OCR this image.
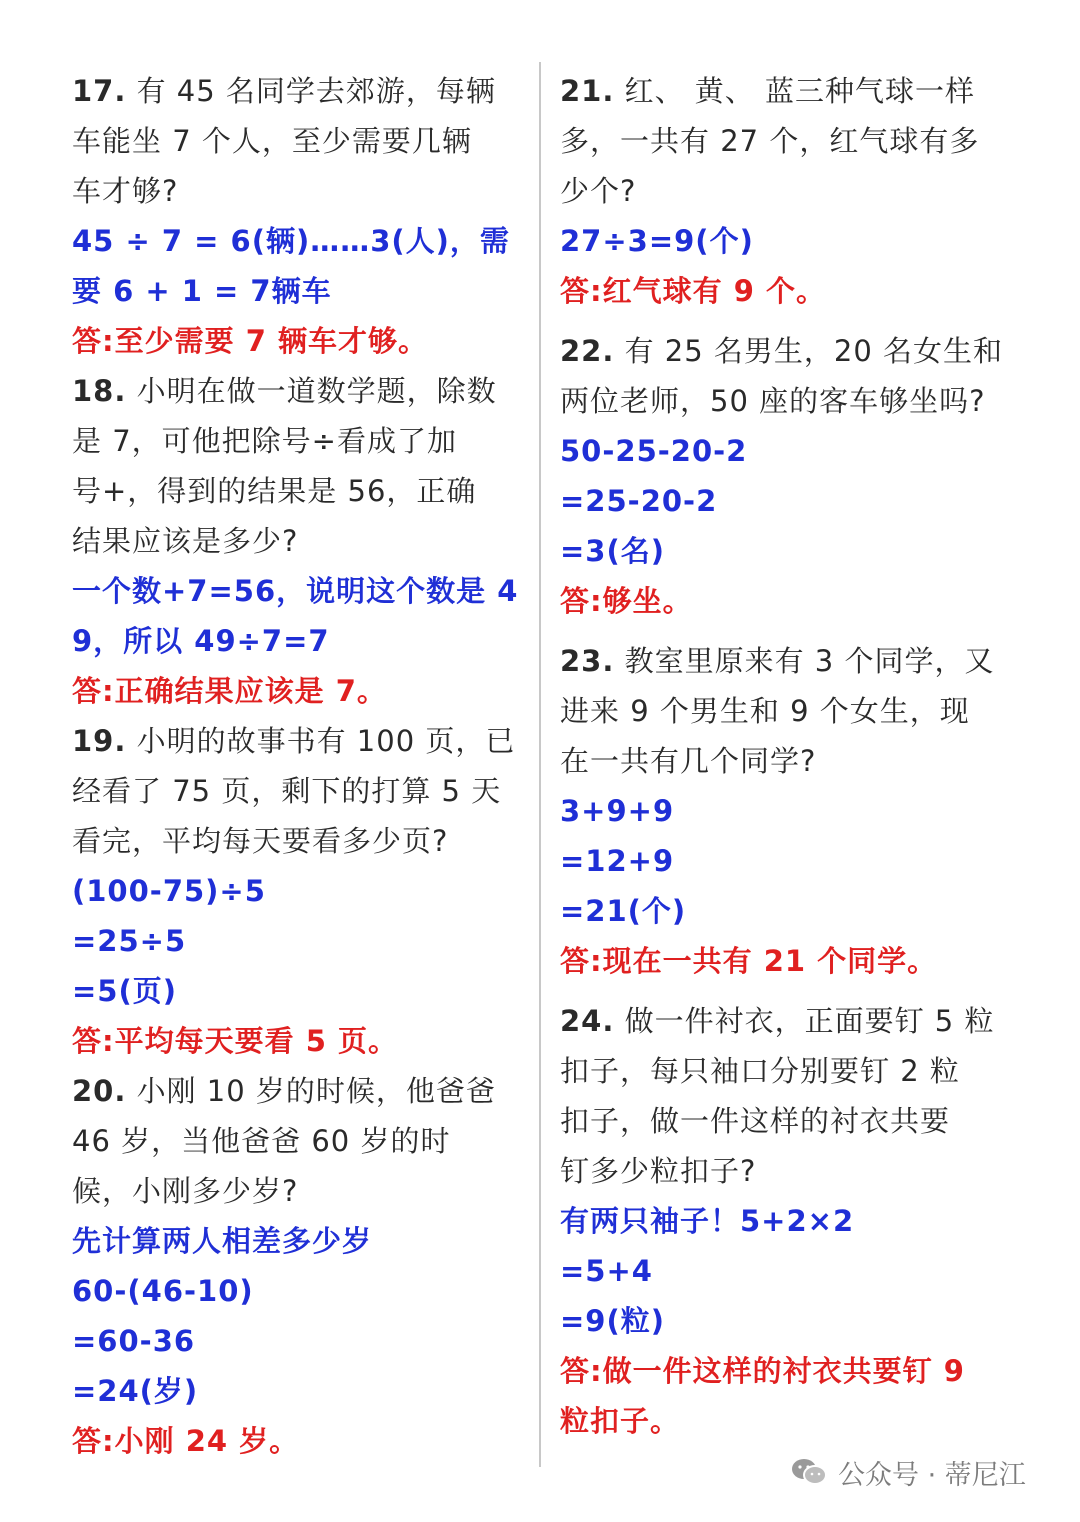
17. 有 45 名同学去郊游，每辆
车能坐 7 个人，至少需要几辆
车才够?
45 ÷ 7 = 6(辆)……3(人)，需
要 6 + 1 = 7辆车
答:至少需要 7 辆车才够。
18. 小明在做一道数学题，除数
是 7，可他把除号÷看成了加
号+，得到的结果是 56，正确
结果应该是多少?
一个数+7=56，说明这个数是 4
9，所以 49÷7=7
答:正确结果应该是 7。
19. 小明的故事书有 100 页，已
经看了 75 页，剩下的打算 5 天
看完，平均每天要看多少页?
(100-75)÷5
=25÷5
=5(页)
答:平均每天要看 5 页。
20. 小刚 10 岁的时候，他爸爸
46 岁，当他爸爸 60 岁的时
候，小刚多少岁?
先计算两人相差多少岁
60-(46-10)
=60-36
=24(岁)
答:小刚 24 岁。
21. 红、 黄、 蓝三种气球一样
多，一共有 27 个，红气球有多
少个?
27÷3=9(个)
答:红气球有 9 个。
22. 有 25 名男生，20 名女生和
两位老师，50 座的客车够坐吗?
50-25-20-2
=25-20-2
=3(名)
答:够坐。
23. 教室里原来有 3 个同学，又
进来 9 个男生和 9 个女生，现
在一共有几个同学?
3+9+9
=12+9
=21(个)
答:现在一共有 21 个同学。
24. 做一件衬衣，正面要钉 5 粒
扣子，每只袖口分别要钉 2 粒
扣子，做一件这样的衬衣共要
钉多少粒扣子?
有两只袖子！5+2×2
=5+4
=9(粒)
答:做一件这样的衬衣共要钉 9
粒扣子。
公众号 · 蒂尼江
